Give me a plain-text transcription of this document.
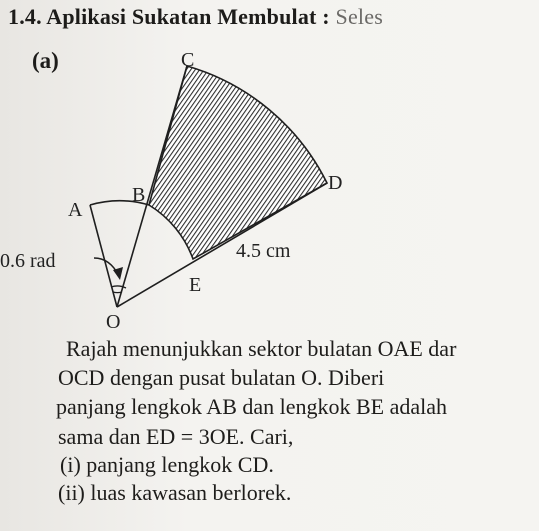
1.4. Aplikasi Sukatan Membulat : Seles
(a)	C
D
B
A
E
O
0.6 rad	4.5 cm
Rajah menunjukkan sektor bulatan OAE dar
OCD dengan pusat bulatan O. Diberi
panjang lengkok AB dan lengkok BE adalah
sama dan ED = 3OE. Cari,
(i) panjang lengkok CD.
(ii) luas kawasan berlorek.
